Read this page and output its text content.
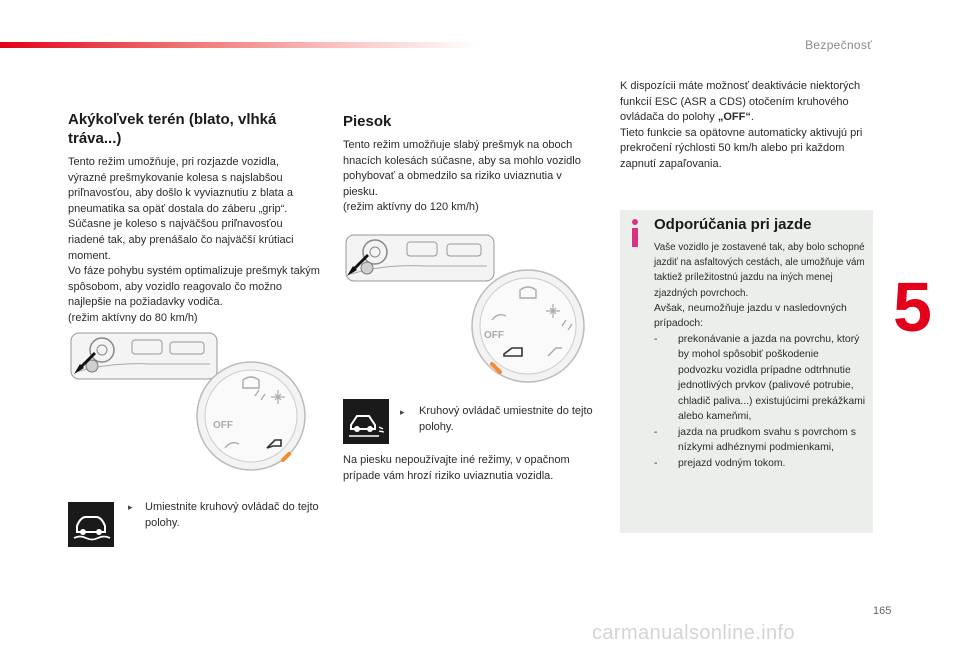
Bezpečnosť
5
Akýkoľvek terén (blato, vlhká tráva...)

Tento režim umožňuje, pri rozjazde vozidla, výrazné prešmykovanie kolesa s najslabšou priľnavosťou, aby došlo k vyviaznutiu z blata a pneumatika sa opäť dostala do záberu „grip“. Súčasne je koleso s najväčšou priľnavosťou riadené tak, aby prenášalo čo najväčší krútiaci moment.

Vo fáze pohybu systém optimalizuje prešmyk takým spôsobom, aby vozidlo reagovalo čo možno najlepšie na požiadavky vodiča.

(režim aktívny do 80 km/h)

OFF
▸ Umiestnite kruhový ovládač do tejto polohy.
Piesok

Tento režim umožňuje slabý prešmyk na oboch hnacích kolesách súčasne, aby sa mohlo vozidlo pohybovať a obmedzilo sa riziko uviaznutia v piesku.

(režim aktívny do 120 km/h)

OFF
▸ Kruhový ovládač umiestnite do tejto polohy.
Na piesku nepoužívajte iné režimy, v opačnom prípade vám hrozí riziko uviaznutia vozidla.

K dispozícii máte možnosť deaktivácie niektorých funkcií ESC (ASR a CDS) otočením kruhového ovládača do polohy „OFF“.

Tieto funkcie sa opätovne automaticky aktivujú pri prekročení rýchlosti 50 km/h alebo pri každom zapnutí zapaľovania.

Odporúčania pri jazde

Vaše vozidlo je zostavené tak, aby bolo schopné jazdiť na asfaltových cestách, ale umožňuje vám taktiež príležitostnú jazdu na iných menej zjazdných povrchoch.

Avšak, neumožňuje jazdu v nasledovných prípadoch:

- prekonávanie a jazda na povrchu, ktorý by mohol spôsobiť poškodenie podvozku vozidla prípadne odtrhnutie jednotlivých prvkov (palivové potrubie, chladič paliva...) existujúcimi prekážkami alebo kameňmi,
- jazda na prudkom svahu s povrchom s nízkymi adhéznymi podmienkami,
- prejazd vodným tokom.
165
carmanualsonline.info
